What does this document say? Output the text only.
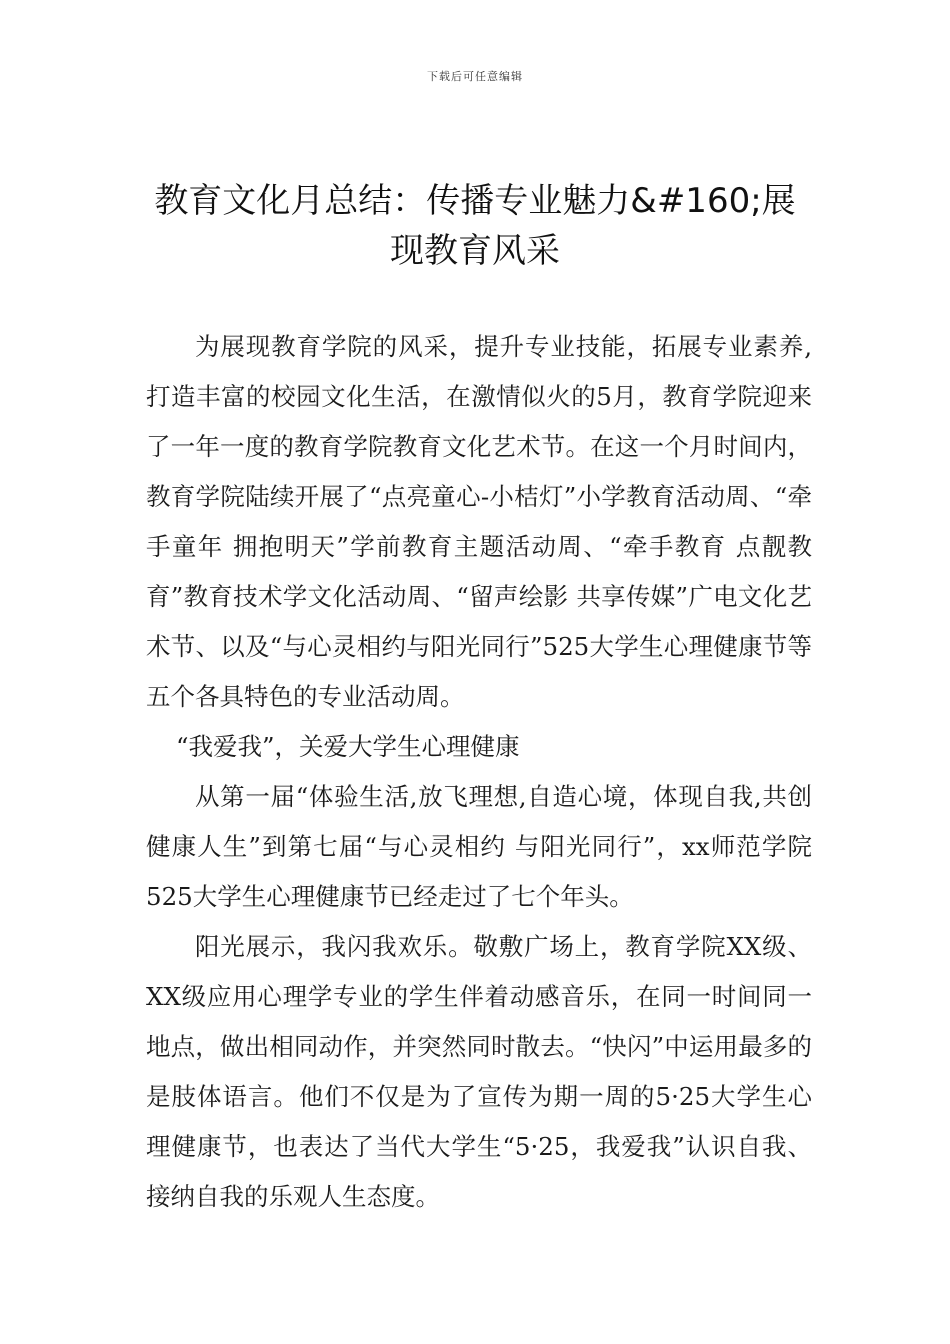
下载后可任意编辑
教育文化月总结：传播专业魅力&#160;展
现教育风采

为展现教育学院的风采，提升专业技能，拓展专业素养,打造丰富的校园文化生活，在激情似火的5月，教育学院迎来了一年一度的教育学院教育文化艺术节。在这一个月时间内，教育学院陆续开展了“点亮童心-小桔灯”小学教育活动周、“牵手童年 拥抱明天”学前教育主题活动周、“牵手教育 点靓教育”教育技术学文化活动周、“留声绘影 共享传媒”广电文化艺术节、以及“与心灵相约与阳光同行”525大学生心理健康节等五个各具特色的专业活动周。

“我爱我”，关爱大学生心理健康

从第一届“体验生活,放飞理想,自造心境，体现自我,共创健康人生”到第七届“与心灵相约 与阳光同行”，xx师范学院525大学生心理健康节已经走过了七个年头。

阳光展示，我闪我欢乐。敬敷广场上，教育学院XX级、XX级应用心理学专业的学生伴着动感音乐，在同一时间同一地点，做出相同动作，并突然同时散去。“快闪”中运用最多的是肢体语言。他们不仅是为了宣传为期一周的5·25大学生心理健康节，也表达了当代大学生“5·25，我爱我”认识自我、接纳自我的乐观人生态度。
